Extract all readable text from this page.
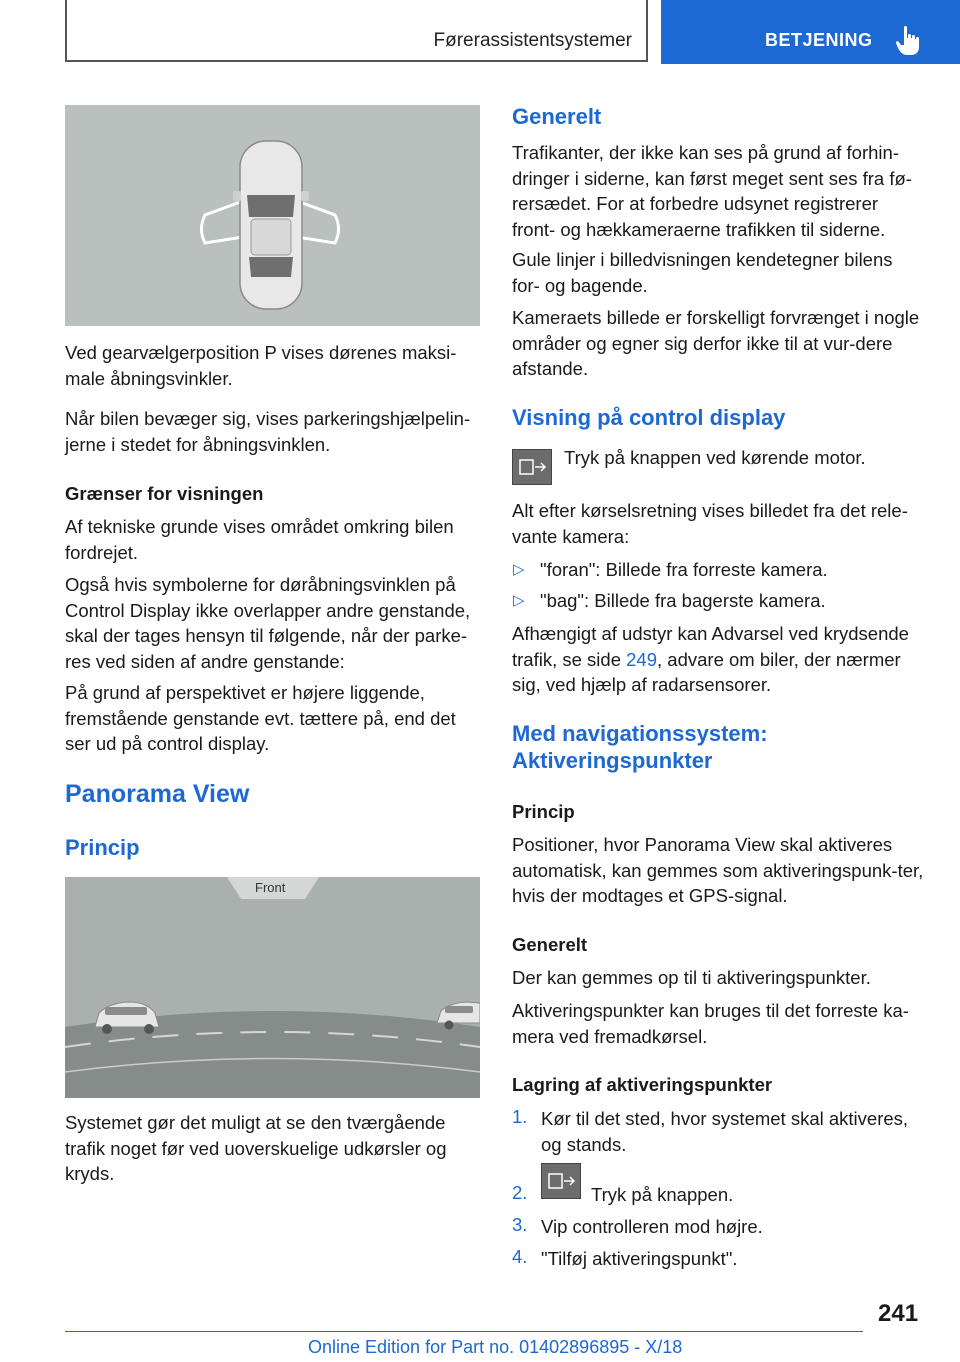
Førerassistentsystemer	BETJENING

Ved gearvælgerposition P vises dørenes maksi-male åbningsvinkler.

Når bilen bevæger sig, vises parkeringshjælpelin-jerne i stedet for åbningsvinklen.

Grænser for visningen

Af tekniske grunde vises området omkring bilen fordrejet.

Også hvis symbolerne for døråbningsvinklen på Control Display ikke overlapper andre genstande, skal der tages hensyn til følgende, når der parke-res ved siden af andre genstande:

På grund af perspektivet er højere liggende, fremstående genstande evt. tættere på, end det ser ud på control display.

Panorama View

Princip

Front

Systemet gør det muligt at se den tværgående trafik noget før ved uoverskuelige udkørsler og kryds.

Generelt

Trafikanter, der ikke kan ses på grund af forhin-dringer i siderne, kan først meget sent ses fra fø-rersædet. For at forbedre udsynet registrerer front- og hækkameraerne trafikken til siderne.

Gule linjer i billedvisningen kendetegner bilens for- og bagende.

Kameraets billede er forskelligt forvrænget i nogle områder og egner sig derfor ikke til at vur-dere afstande.

Visning på control display

Tryk på knappen ved kørende motor.

Alt efter kørselsretning vises billedet fra det rele-vante kamera:

▷ "foran": Billede fra forreste kamera.

▷ "bag": Billede fra bagerste kamera.

Afhængigt af udstyr kan Advarsel ved krydsende trafik, se side 249, advare om biler, der nærmer sig, ved hjælp af radarsensorer.

Med navigationssystem:

Aktiveringspunkter

Princip

Positioner, hvor Panorama View skal aktiveres automatisk, kan gemmes som aktiveringspunk-ter, hvis der modtages et GPS-signal.

Generelt

Der kan gemmes op til ti aktiveringspunkter.

Aktiveringspunkter kan bruges til det forreste ka-mera ved fremadkørsel.

Lagring af aktiveringspunkter

1. Kør til det sted, hvor systemet skal aktiveres, og stands.

2.	Tryk på knappen.

3. Vip controlleren mod højre.

4. "Tilføj aktiveringspunkt".

241
Online Edition for Part no. 01402896895 - X/18
